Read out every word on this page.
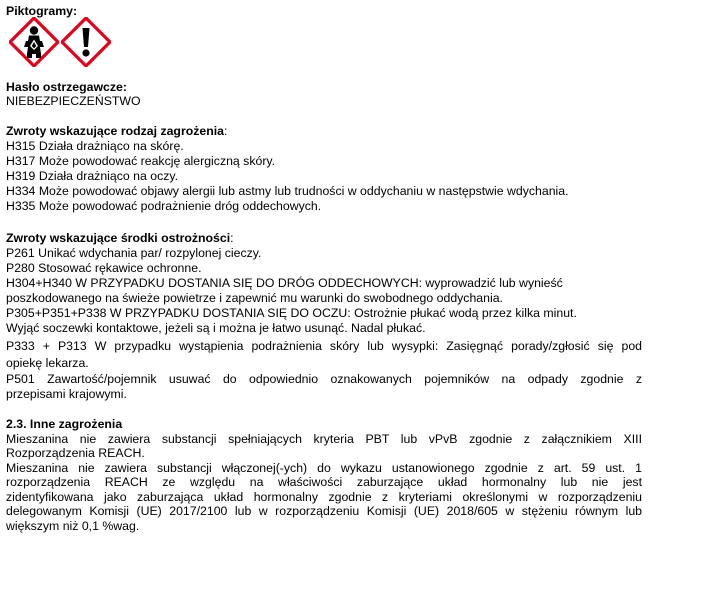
Piktogramy:
Hasło ostrzegawcze:
NIEBEZPIECZEŃSTWO
Zwroty wskazujące rodzaj zagrożenia:
H315 Działa drażniąco na skórę.
H317 Może powodować reakcję alergiczną skóry.
H319 Działa drażniąco na oczy.
H334 Może powodować objawy alergii lub astmy lub trudności w oddychaniu w następstwie wdychania.
H335 Może powodować podrażnienie dróg oddechowych.
Zwroty wskazujące środki ostrożności:
P261 Unikać wdychania par/ rozpylonej cieczy.
P280 Stosować rękawice ochronne.
H304+H340 W PRZYPADKU DOSTANIA SIĘ DO DRÓG ODDECHOWYCH: wyprowadzić lub wynieść
poszkodowanego na świeże powietrze i zapewnić mu warunki do swobodnego oddychania.
P305+P351+P338 W PRZYPADKU DOSTANIA SIĘ DO OCZU: Ostrożnie płukać wodą przez kilka minut.
Wyjąć soczewki kontaktowe, jeżeli są i można je łatwo usunąć. Nadal płukać.
P333 + P313 W przypadku wystąpienia podrażnienia skóry lub wysypki: Zasięgnąć porady/zgłosić się pod
opiekę lekarza.
P501 Zawartość/pojemnik usuwać do odpowiednio oznakowanych pojemników na odpady zgodnie z
przepisami krajowymi.
2.3. Inne zagrożenia
Mieszanina nie zawiera substancji spełniających kryteria PBT lub vPvB zgodnie z załącznikiem XIII
Rozporządzenia REACH.
Mieszanina nie zawiera substancji włączonej(-ych) do wykazu ustanowionego zgodnie z art. 59 ust. 1
rozporządzenia REACH ze względu na właściwości zaburzające układ hormonalny lub nie jest
zidentyfikowana jako zaburzająca układ hormonalny zgodnie z kryteriami określonymi w rozporządzeniu
delegowanym Komisji (UE) 2017/2100 lub w rozporządzeniu Komisji (UE) 2018/605 w stężeniu równym lub
większym niż 0,1 %wag.
